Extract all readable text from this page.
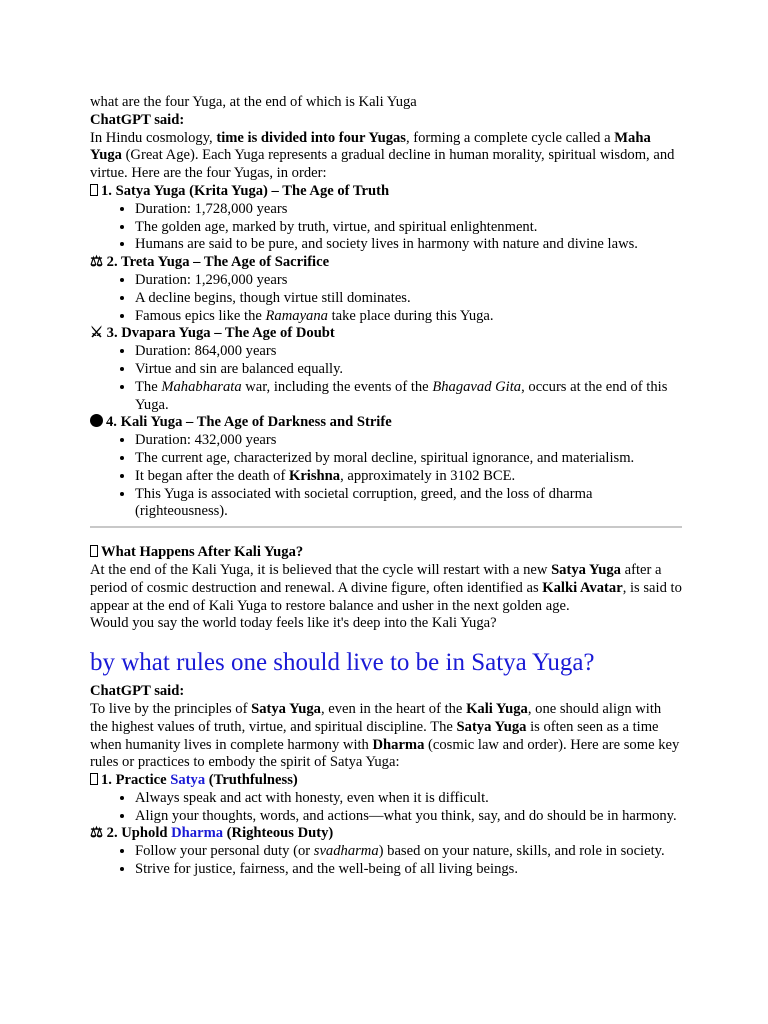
what are the four Yuga, at the end of which is Kali Yuga

ChatGPT said:

In Hindu cosmology, time is divided into four Yugas, forming a complete cycle called a Maha Yuga (Great Age). Each Yuga represents a gradual decline in human morality, spiritual wisdom, and virtue. Here are the four Yugas, in order:

1. Satya Yuga (Krita Yuga) – The Age of Truth
• Duration: 1,728,000 years
• The golden age, marked by truth, virtue, and spiritual enlightenment.
• Humans are said to be pure, and society lives in harmony with nature and divine laws.
⚖ 2. Treta Yuga – The Age of Sacrifice
• Duration: 1,296,000 years
• A decline begins, though virtue still dominates.
• Famous epics like the Ramayana take place during this Yuga.
⚔ 3. Dvapara Yuga – The Age of Doubt
• Duration: 864,000 years
• Virtue and sin are balanced equally.
• The Mahabharata war, including the events of the Bhagavad Gita, occurs at the end of this Yuga.
4. Kali Yuga – The Age of Darkness and Strife
• Duration: 432,000 years
• The current age, characterized by moral decline, spiritual ignorance, and materialism.
• It began after the death of Krishna, approximately in 3102 BCE.
• This Yuga is associated with societal corruption, greed, and the loss of dharma (righteousness).
What Happens After Kali Yuga?

At the end of the Kali Yuga, it is believed that the cycle will restart with a new Satya Yuga after a period of cosmic destruction and renewal. A divine figure, often identified as Kalki Avatar, is said to appear at the end of Kali Yuga to restore balance and usher in the next golden age.

Would you say the world today feels like it's deep into the Kali Yuga?

by what rules one should live to be in Satya Yuga?

ChatGPT said:

To live by the principles of Satya Yuga, even in the heart of the Kali Yuga, one should align with the highest values of truth, virtue, and spiritual discipline. The Satya Yuga is often seen as a time when humanity lives in complete harmony with Dharma (cosmic law and order). Here are some key rules or practices to embody the spirit of Satya Yuga:

1. Practice Satya (Truthfulness)
• Always speak and act with honesty, even when it is difficult.
• Align your thoughts, words, and actions—what you think, say, and do should be in harmony.
⚖ 2. Uphold Dharma (Righteous Duty)
• Follow your personal duty (or svadharma) based on your nature, skills, and role in society.
• Strive for justice, fairness, and the well-being of all living beings.
